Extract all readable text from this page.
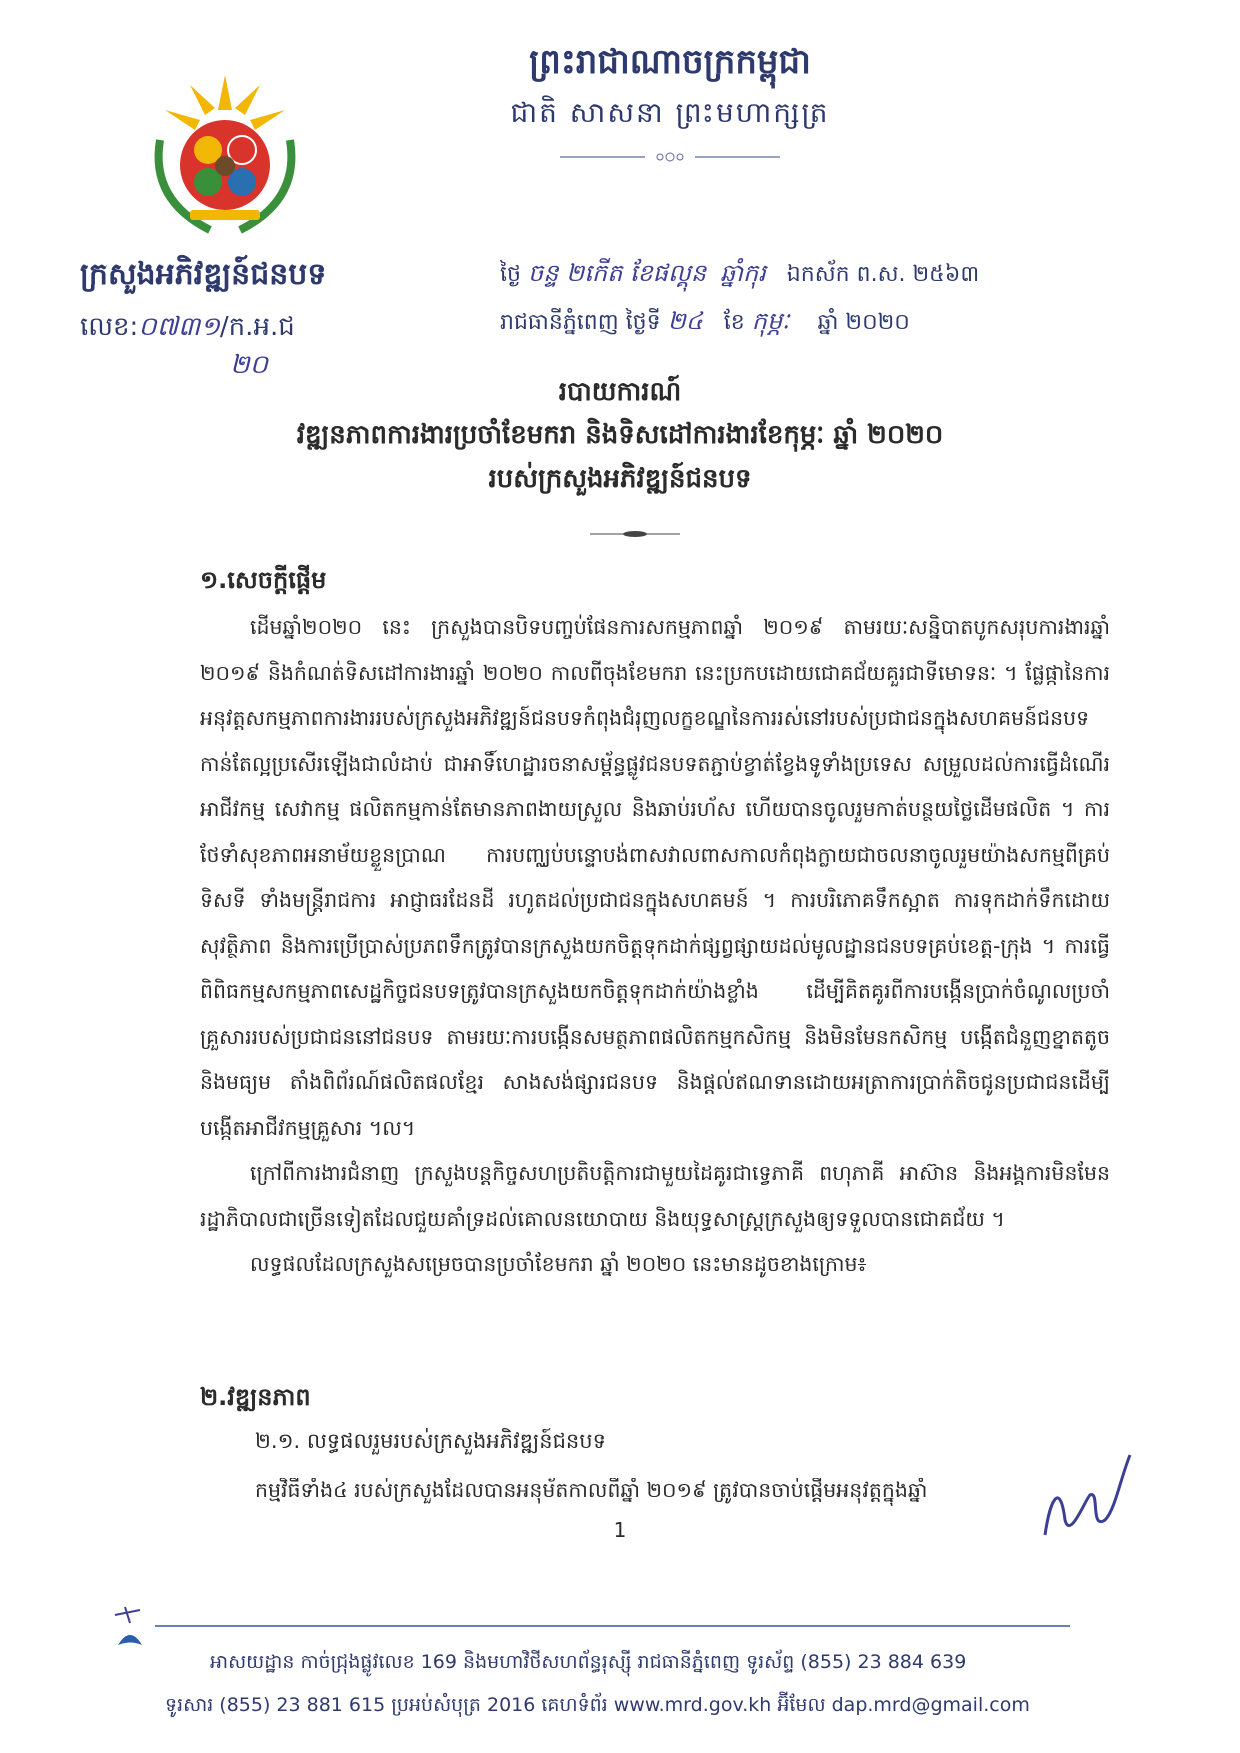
ព្រះរាជាណាចក្រកម្ពុជា
ជាតិ សាសនា ព្រះមហាក្សត្រ
ក្រសួងអភិវឌ្ឍន៍ជនបទ
លេខ:០៧៣១/ក.អ.ជ
២០
ថ្ងៃ ចន្ទ ២កើត ខែផល្គុន ឆ្នាំកុរ ឯកស័ក ព.ស. ២៥៦៣
រាជធានីភ្នំពេញ ថ្ងៃទី ២៤ ខែ កុម្ភៈ ឆ្នាំ ២០២០
របាយការណ៍
វឌ្ឍនភាពការងារប្រចាំខែមករា និងទិសដៅការងារខែកុម្ភៈ ឆ្នាំ ២០២០
របស់ក្រសួងអភិវឌ្ឍន៍ជនបទ
១.សេចក្តីផ្តើម

ដើមឆ្នាំ២០២០ នេះ ក្រសួងបានបិទបញ្ចប់ផែនការសកម្មភាពឆ្នាំ ២០១៩ តាមរយៈសន្និបាតបូកសរុបការងារឆ្នាំ ២០១៩ និងកំណត់ទិសដៅការងារឆ្នាំ ២០២០ កាលពីចុងខែមករា នេះប្រកបដោយជោគជ័យគួរជាទីមោទនៈ ។ ផ្លែផ្កានៃការអនុវត្តសកម្មភាពការងាររបស់ក្រសួងអភិវឌ្ឍន៍ជនបទកំពុងជំរុញលក្ខខណ្ឌនៃការរស់នៅរបស់ប្រជាជនក្នុងសហគមន៍ជនបទកាន់តែល្អប្រសើរឡើងជាលំដាប់ ជាអាទិ៍ហេដ្ឋារចនាសម្ព័ន្ធផ្លូវជនបទតភ្ជាប់ខ្វាត់ខ្វែងទូទាំងប្រទេស សម្រួលដល់ការធ្វើដំណើរ អាជីវកម្ម សេវាកម្ម ផលិតកម្មកាន់តែមានភាពងាយស្រួល និងឆាប់រហ័ស ហើយបានចូលរួមកាត់បន្ថយថ្លៃដើមផលិត ។ ការថែទាំសុខភាពអនាម័យខ្លួនប្រាណ ការបញ្ឈប់បន្ទោបង់ពាសវាលពាសកាលកំពុងក្លាយជាចលនាចូលរួមយ៉ាងសកម្មពីគ្រប់ទិសទី ទាំងមន្ត្រីរាជការ អាជ្ញាធរដែនដី រហូតដល់ប្រជាជនក្នុងសហគមន៍ ។ ការបរិភោគទឹកស្អាត ការទុកដាក់ទឹកដោយសុវត្ថិភាព និងការប្រើប្រាស់ប្រភពទឹកត្រូវបានក្រសួងយកចិត្តទុកដាក់ផ្សព្វផ្សាយដល់មូលដ្ឋានជនបទគ្រប់ខេត្ត-ក្រុង ។ ការធ្វើពិពិធកម្មសកម្មភាពសេដ្ឋកិច្ចជនបទត្រូវបានក្រសួងយកចិត្តទុកដាក់យ៉ាងខ្លាំង ដើម្បីគិតគូរពីការបង្កើនប្រាក់ចំណូលប្រចាំគ្រួសាររបស់ប្រជាជននៅជនបទ តាមរយៈការបង្កើនសមត្ថភាពផលិតកម្មកសិកម្ម និងមិនមែនកសិកម្ម បង្កើតជំនួញខ្នាតតូច និងមធ្យម តាំងពិព័រណ៍ផលិតផលខ្មែរ សាងសង់ផ្សារជនបទ និងផ្តល់ឥណទានដោយអត្រាការប្រាក់តិចជូនប្រជាជនដើម្បីបង្កើតអាជីវកម្មគ្រួសារ ។ល។

ក្រៅពីការងារជំនាញ ក្រសួងបន្តកិច្ចសហប្រតិបត្តិការជាមួយដៃគូរជាទ្វេភាគី ពហុភាគី អាស៊ាន និងអង្គការមិនមែនរដ្ឋាភិបាលជាច្រើនទៀតដែលជួយគាំទ្រដល់គោលនយោបាយ និងយុទ្ធសាស្ត្រក្រសួងឲ្យទទួលបានជោគជ័យ ។

លទ្ធផលដែលក្រសួងសម្រេចបានប្រចាំខែមករា ឆ្នាំ ២០២០ នេះមានដូចខាងក្រោម៖

២.វឌ្ឍនភាព
២.១. លទ្ធផលរួមរបស់ក្រសួងអភិវឌ្ឍន៍ជនបទ
កម្មវិធីទាំង៤ របស់ក្រសួងដែលបានអនុម័តកាលពីឆ្នាំ ២០១៩ ត្រូវបានចាប់ផ្តើមអនុវត្តក្នុងឆ្នាំ
1
អាសយដ្ឋាន កាច់ជ្រុងផ្លូវលេខ 169 និងមហាវិថីសហព័ន្ធរុស្ស៊ី រាជធានីភ្នំពេញ ទូរស័ព្ទ (855) 23 884 639
ទូរសារ (855) 23 881 615 ប្រអប់សំបុត្រ 2016 គេហទំព័រ www.mrd.gov.kh អ៊ីមែល dap.mrd@gmail.com
